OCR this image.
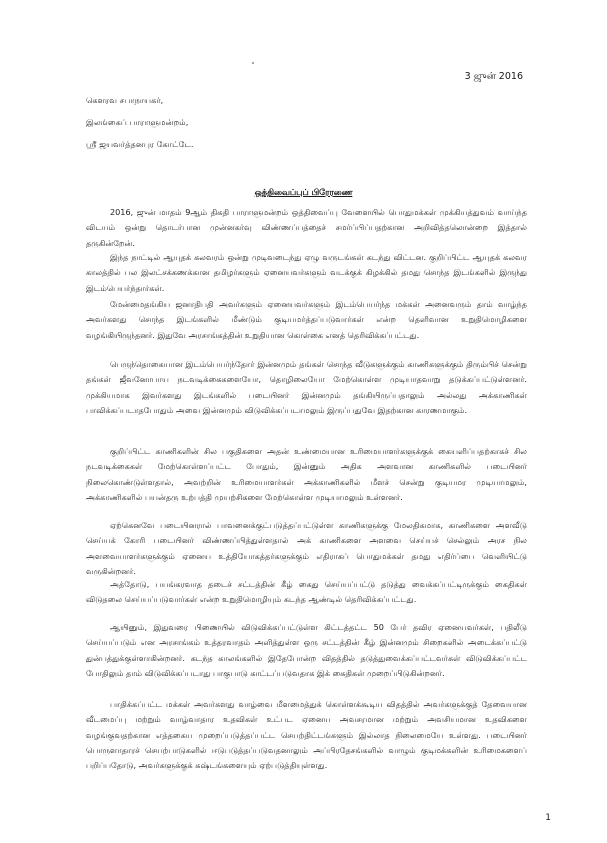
3 ஜுன் 2016
கௌரவ சபாநாயகர்,
இலங்கைப் பாராளுமன்றம்,
ஸ்ரீ ஜயவர்த்தனபுர கோட்டே.
ஒத்திவைப்புப் பிரேரணை

2016, ஜுன் மாதம் 9ஆம் திகதி பாராளுமன்றம் ஒத்திவைப்பு வேளையில் பொதுமக்கள் முக்கியத்துவம் வாய்ந்த விடயம் ஒன்று தொடர்பான முன்னகர்வு விண்ணப்பத்தைச் சமர்ப்பிப்பதற்கான அறிவித்தலொன்றை இத்தால் தருகின்றேன்.

இந்த நாட்டில் ஆயுதக் கலவரம் ஒன்று முடிவடைந்து ஏழு வருடங்கள் கடந்து விட்டன. குறிப்பிட்ட ஆயுதக் கலவர காலத்தில் பல இலட்சக்கணக்கான தமிழர்களும் ஏனையவர்களும் வடக்குக் கிழக்கில் தமது சொந்த இடங்களில் இருந்து இடம்பெயர்ந்தார்கள்.

மேன்மைதங்கிய ஜனாதிபதி அவர்களும் ஏனையவர்களும் இடம்பெயர்ந்த மக்கள் அனைவரும் தாம் வாழ்ந்த அவர்களது சொந்த இடங்களில் மீண்டும் குடியமர்த்தப்படுவார்கள் என்ற தெளிவான உறுதிமொழிகளை வழங்கியிருந்தனர். இதுவே அரசாங்கத்தின் உறுதியான கொள்கை எனத் தெரிவிக்கப்பட்டது.

பெருந்தொகையான இடம்பெயர்ந்தோர் இன்னமும் தங்கள் சொந்த வீடுகளுக்கும் காணிகளுக்கும் திரும்பிச் சென்று தங்கள் ஜீவனோபாய நடவடிக்கைகளையோ, தொழிலையோ மேற்கொள்ள முடியாதவாறு தடுக்கப்பட்டுள்ளனர். முக்கியமாக இவர்களது இடங்களில் படையினர் இன்னமும் தங்கியிருப்பதாலும் அல்லது அக்காணிகள் பாவிக்கப்படாதபோதும் அவை இன்னமும் விடுவிக்கப்படாமலும் இருப்பதுவே இதற்கான காரணமாகும்.

குறிப்பிட்ட காணிகளின் சில பகுதிகளை அதன் உண்மையான உரிமையாளர்களுக்குக் கையளிப்பதற்காகச் சில நடவடிக்கைகள் மேற்கொள்ளப்பட்ட போதும், இன்னும் அதிக அளவான காணிகளில் படையினர் நிலைகொண்டுள்ளதால், அவற்றின் உரிமையாளர்கள் அக்காணிகளில் மீளச் சென்று குடியமர முடியாமலும், அக்காணிகளில் பயன்தரு உற்பத்தி முயற்சிகளை மேற்கொள்ள முடியாமலும் உள்ளனர்.

ஏற்கெனவே படையினரால் பாவனைக்குட்படுத்தப்பட்டுள்ள காணிகளுக்கு மேலதிகமாக, காணிகளை அளவீடு செய்யக் கோரி படையினர் விண்ணப்பித்துள்ளதால் அக் காணிகளை அளவை செய்யச் செல்லும் அரச நில அளவையாளர்களுக்கும் ஏனைய உத்தியோகத்தர்களுக்கும் எதிராகப் பொதுமக்கள் தமது எதிர்ப்பை வெளியிட்டு வருகின்றனர்.

அத்தோடு, பயங்கரவாத தடைச் சட்டத்தின் கீழ் கைது செய்யப்பட்டு தடுத்து வைக்கப்பட்டிருக்கும் கைதிகள் விடுதலை செய்யப்படுவார்கள் என்ற உறுதிமொழியும் கடந்த ஆண்டில் தெரிவிக்கப்பட்டது.

ஆயினும், இதுவரை பிணையில் விடுவிக்கப்பட்டுள்ள கிட்டத்தட்ட 50 பேர் தவிர ஏனையவர்கள், பதிலீடு செய்யப்படும் என அரசாங்கம் உத்தரவாதம் அளித்துள்ள ஒரு சட்டத்தின் கீழ் இன்னமும் சிறைகளில் அடைக்கப்பட்டு துன்பத்துக்குள்ளாகின்றனர். கடந்த காலங்களில் இதேபோன்ற விதத்தில் தடுத்துவைக்கப்பட்டவர்கள் விடுவிக்கப்பட்ட போதிலும் தாம் விடுவிக்கப்படாது பாகுபாடு காட்டப்படுவதாக இக் கைதிகள் முறைப்பிடுகின்றனர்.

பாதிக்கப்பட்ட மக்கள் அவர்களது வாழ்வை மீளமைத்துக் கொள்ளக்கூடிய விதத்தில் அவர்களுக்குத் தேவையான வீடமைப்பு மற்றும் வாழ்வாதார உதவிகள் உட்பட ஏனைய அவசரமான மற்றும் அவசியமான உதவிகளை வழங்குவதற்கான எத்தகைய முறைப்படுத்தப்பட்ட செயற்திட்டங்களும் இல்லாத நிலைமையே உள்ளது. படையினர் பொருளாதாரச் செயற்பாடுகளில் ஈடுபடுத்தப்படுவதனாலும் அப்பிரதேசங்களில் வாழும் குடிமக்களின் உரிமைகளைப் பறிப்பதோடு, அவர்களுக்குக் கஷ்டங்களையும் ஏற்படுத்தியுள்ளது.

1
